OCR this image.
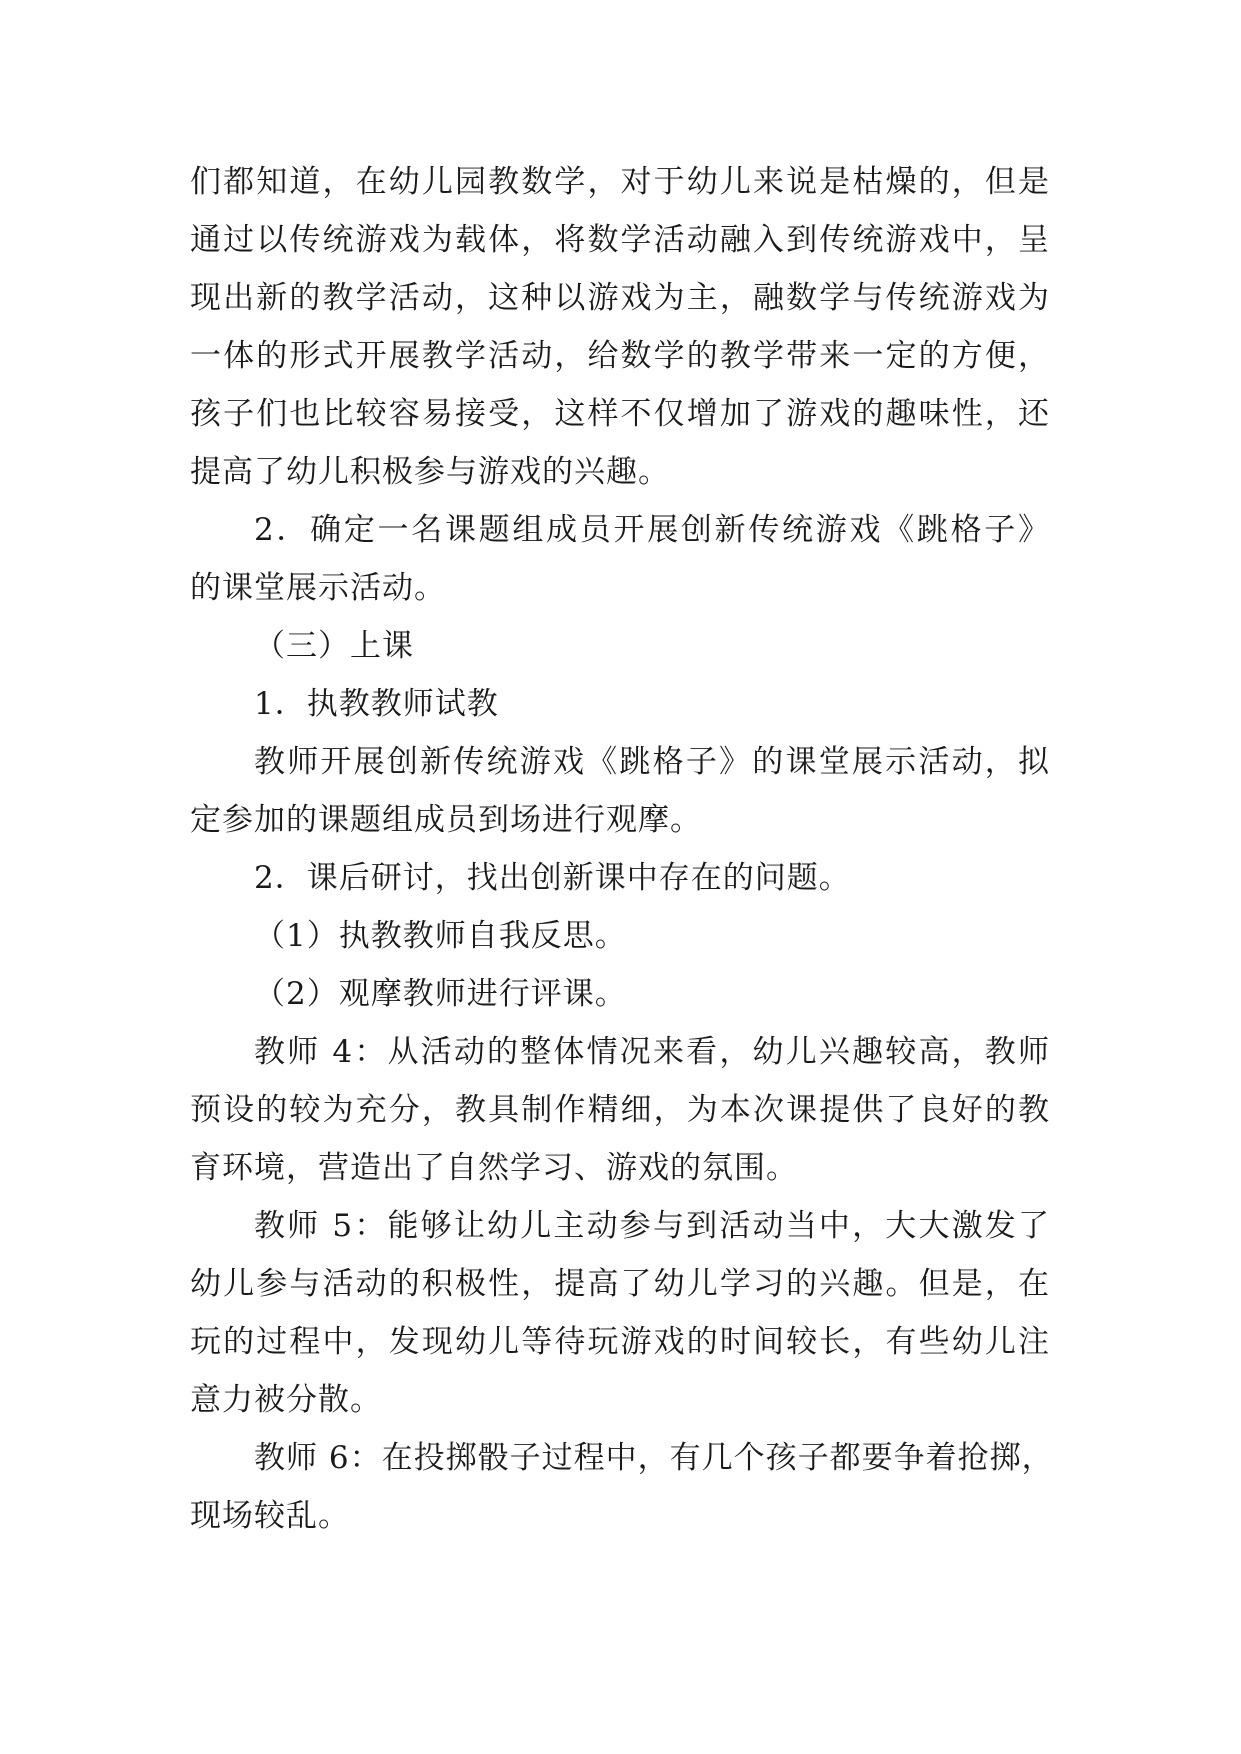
们都知道，在幼儿园教数学，对于幼儿来说是枯燥的，但是
通过以传统游戏为载体，将数学活动融入到传统游戏中，呈
现出新的教学活动，这种以游戏为主，融数学与传统游戏为
一体的形式开展教学活动，给数学的教学带来一定的方便，
孩子们也比较容易接受，这样不仅增加了游戏的趣味性，还
提高了幼儿积极参与游戏的兴趣。
2．确定一名课题组成员开展创新传统游戏《跳格子》
的课堂展示活动。
（三）上课
1．执教教师试教
教师开展创新传统游戏《跳格子》的课堂展示活动，拟
定参加的课题组成员到场进行观摩。
2．课后研讨，找出创新课中存在的问题。
（1）执教教师自我反思。
（2）观摩教师进行评课。
教师 4：从活动的整体情况来看，幼儿兴趣较高，教师
预设的较为充分，教具制作精细，为本次课提供了良好的教
育环境，营造出了自然学习、游戏的氛围。
教师 5：能够让幼儿主动参与到活动当中，大大激发了
幼儿参与活动的积极性，提高了幼儿学习的兴趣。但是，在
玩的过程中，发现幼儿等待玩游戏的时间较长，有些幼儿注
意力被分散。
教师 6：在投掷骰子过程中，有几个孩子都要争着抢掷，
现场较乱。
